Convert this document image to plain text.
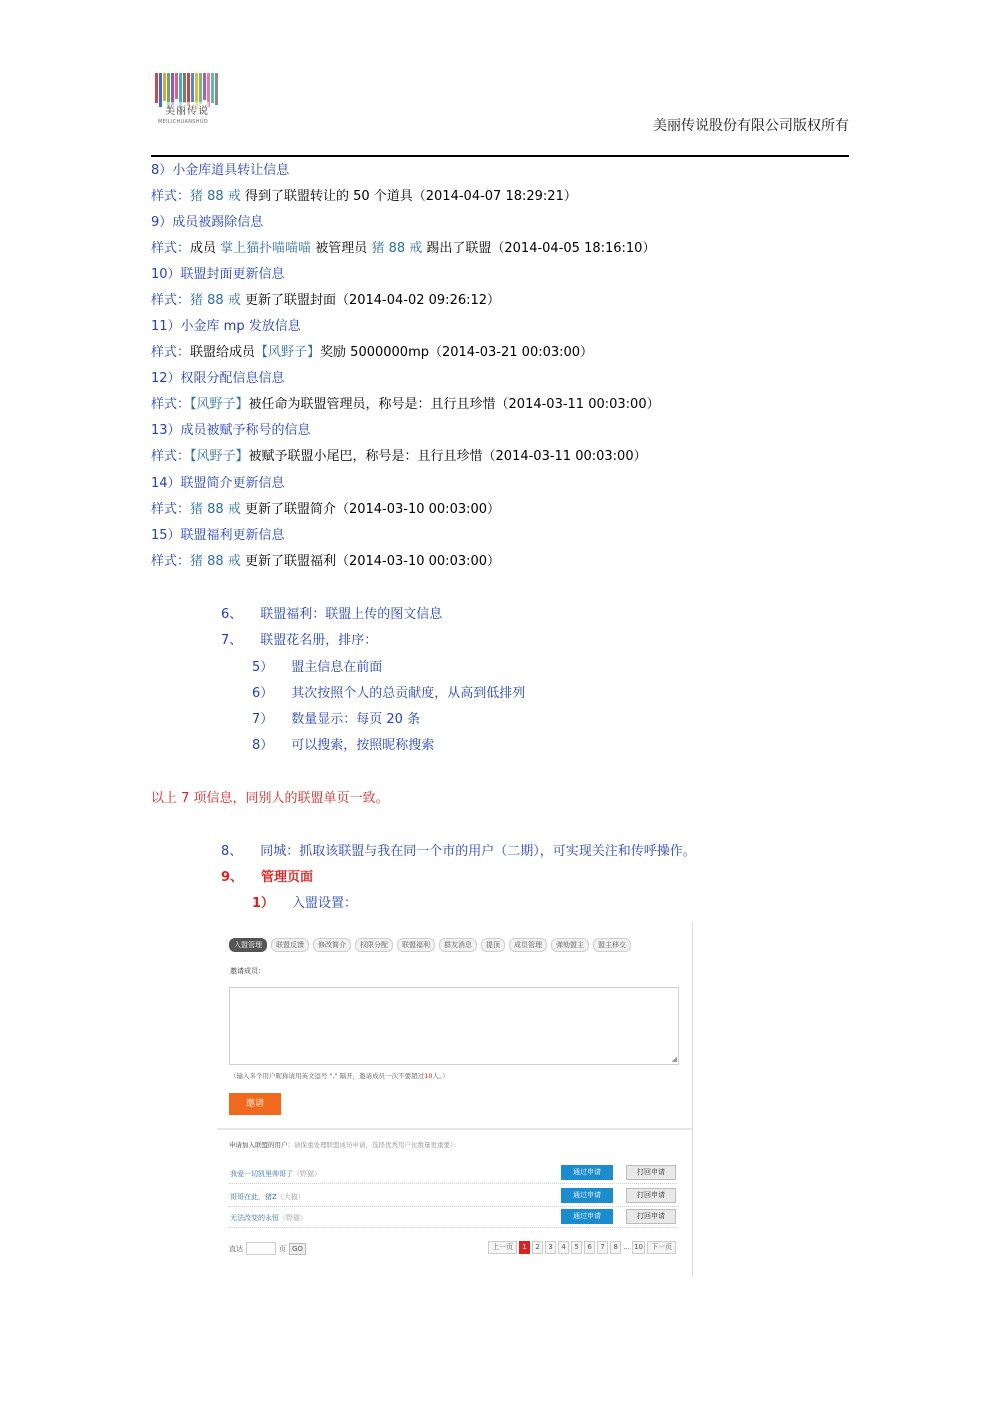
美丽传说
MEILICHUANSHUO	美丽传说股份有限公司版权所有
8）小金库道具转让信息
样式：猪 88 戒 得到了联盟转让的 50 个道具（2014-04-07 18:29:21）
9）成员被踢除信息
样式：成员 掌上猫扑喵喵喵 被管理员 猪 88 戒 踢出了联盟（2014-04-05 18:16:10）
10）联盟封面更新信息
样式：猪 88 戒 更新了联盟封面（2014-04-02 09:26:12）
11）小金库 mp 发放信息
样式：联盟给成员【风野子】奖励 5000000mp（2014-03-21 00:03:00）
12）权限分配信息信息
样式：【风野子】被任命为联盟管理员，称号是：且行且珍惜（2014-03-11 00:03:00）
13）成员被赋予称号的信息
样式：【风野子】被赋予联盟小尾巴，称号是：且行且珍惜（2014-03-11 00:03:00）
14）联盟简介更新信息
样式：猪 88 戒 更新了联盟简介（2014-03-10 00:03:00）
15）联盟福利更新信息
样式：猪 88 戒 更新了联盟福利（2014-03-10 00:03:00）
6、 联盟福利：联盟上传的图文信息
7、 联盟花名册，排序：
5） 盟主信息在前面
6） 其次按照个人的总贡献度，从高到低排列
7） 数量显示：每页 20 条
8） 可以搜索，按照昵称搜索
以上 7 项信息，同别人的联盟单页一致。
8、 同城：抓取该联盟与我在同一个市的用户（二期），可实现关注和传呼操作。
9、 管理页面
1） 入盟设置：
入盟管理	联盟反馈	修改简介	权限分配	联盟福利	群友消息	提顶	成员管理	弹劾盟主	盟主移交
邀请成员：
◢
（输入多个用户昵称请用英文逗号 "," 隔开，邀请成员一次不要超过10人。）
邀请
申请加入联盟的用户：请保重处理联盟成员申请，选择优秀用户比数量更重要）：
我爱一切凯里帅哥了（野猫）	通过申请	打回申请
哥哥在此，猪Z（大猫）	通过申请	打回申请
无法改变的永恒（野猫）	通过申请	打回申请
直达	页 GO	上一页	1	2	3	4	5	6	7	8 ... 10	下一页
